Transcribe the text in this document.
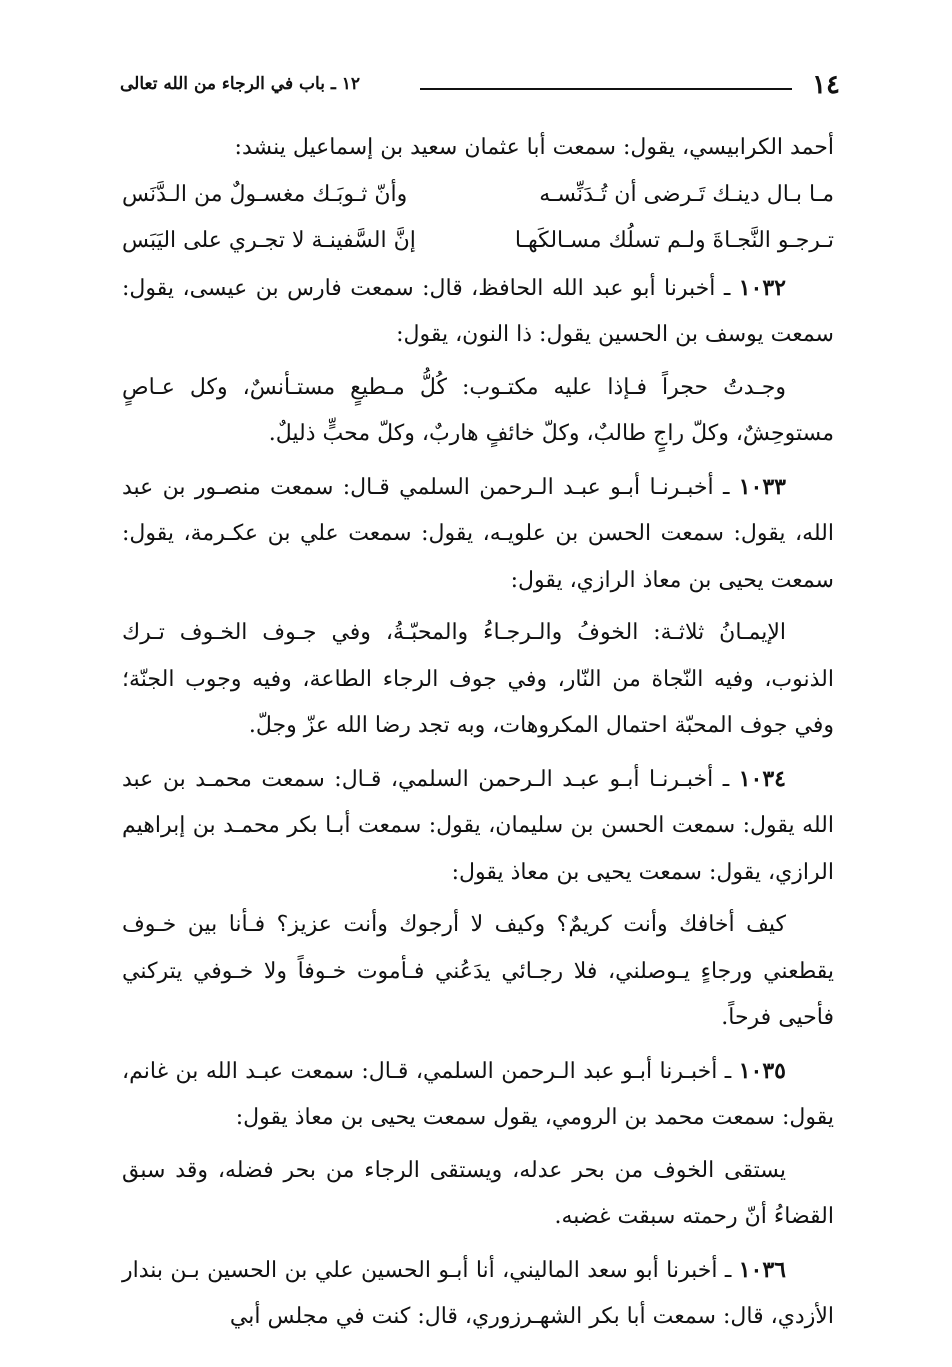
١٤
١٢ ـ باب في الرجاء من الله تعالى

أحمد الكرابيسي، يقول: سمعت أبا عثمان سعيد بن إسماعيل ينشد:

مـا بـال دينـك تَـرضى أن تُـدَنِّسـه
وأنّ ثـوبَـك مغسـولٌ من الـدَّنَس
تـرجـو النَّجـاةَ ولـم تسلُك مسـالكَهـا
إنَّ السَّفينـة لا تجـري على اليَبَس

١٠٣٢ ـ أخبرنا أبو عبد الله الحافظ، قال: سمعت فارس بن عيسى، يقول: سمعت يوسف بن الحسين يقول: ذا النون، يقول:

وجـدتُ حجراً فـإذا عليه مكتـوب: كُلُّ مـطيعٍ مستـأنسٌ، وكل عـاصٍ مستوحِشٌ، وكلّ راجٍ طالبٌ، وكلّ خائفٍ هاربٌ، وكلّ محبٍّ ذليلٌ.

١٠٣٣ ـ أخبـرنـا أبـو عبـد الـرحمن السلمي قـال: سمعت منصـور بن عبد الله، يقول: سمعت الحسن بن علويـه، يقول: سمعت علي بن عكـرمة، يقول: سمعت يحيى بن معاذ الرازي، يقول:

الإيمـانُ ثلاثـة: الخوفُ والـرجـاءُ والمحبّـةُ، وفي جـوف الخـوف تـرك الذنوب، وفيه النّجاة من النّار، وفي جوف الرجاء الطاعة، وفيه وجوب الجنّة؛ وفي جوف المحبّة احتمال المكروهات، وبه تجد رضا الله عزّ وجلّ.

١٠٣٤ ـ أخبـرنـا أبـو عبـد الـرحمن السلمي، قـال: سمعت محمـد بن عبد الله يقول: سمعت الحسن بن سليمان، يقول: سمعت أبـا بكر محمـد بن إبراهيم الرازي، يقول: سمعت يحيى بن معاذ يقول:

كيف أخافك وأنت كريمٌ؟ وكيف لا أرجوك وأنت عزيز؟ فـأنا بين خـوف يقطعني ورجاءٍ يـوصلني، فلا رجـائي يدَعُني فـأموت خـوفاً ولا خـوفي يتركني فأحيى فرحاً.

١٠٣٥ ـ أخبـرنا أبـو عبد الـرحمن السلمي، قـال: سمعت عبـد الله بن غانم، يقول: سمعت محمد بن الرومي، يقول سمعت يحيى بن معاذ يقول:

يستقى الخوف من بحر عدله، ويستقى الرجاء من بحر فضله، وقد سبق القضاءُ أنّ رحمته سبقت غضبه.

١٠٣٦ ـ أخبرنا أبو سعد الماليني، أنا أبـو الحسين علي بن الحسين بـن بندار الأزدي، قال: سمعت أبا بكر الشهـرزوري، قال: كنت في مجلس أبي
